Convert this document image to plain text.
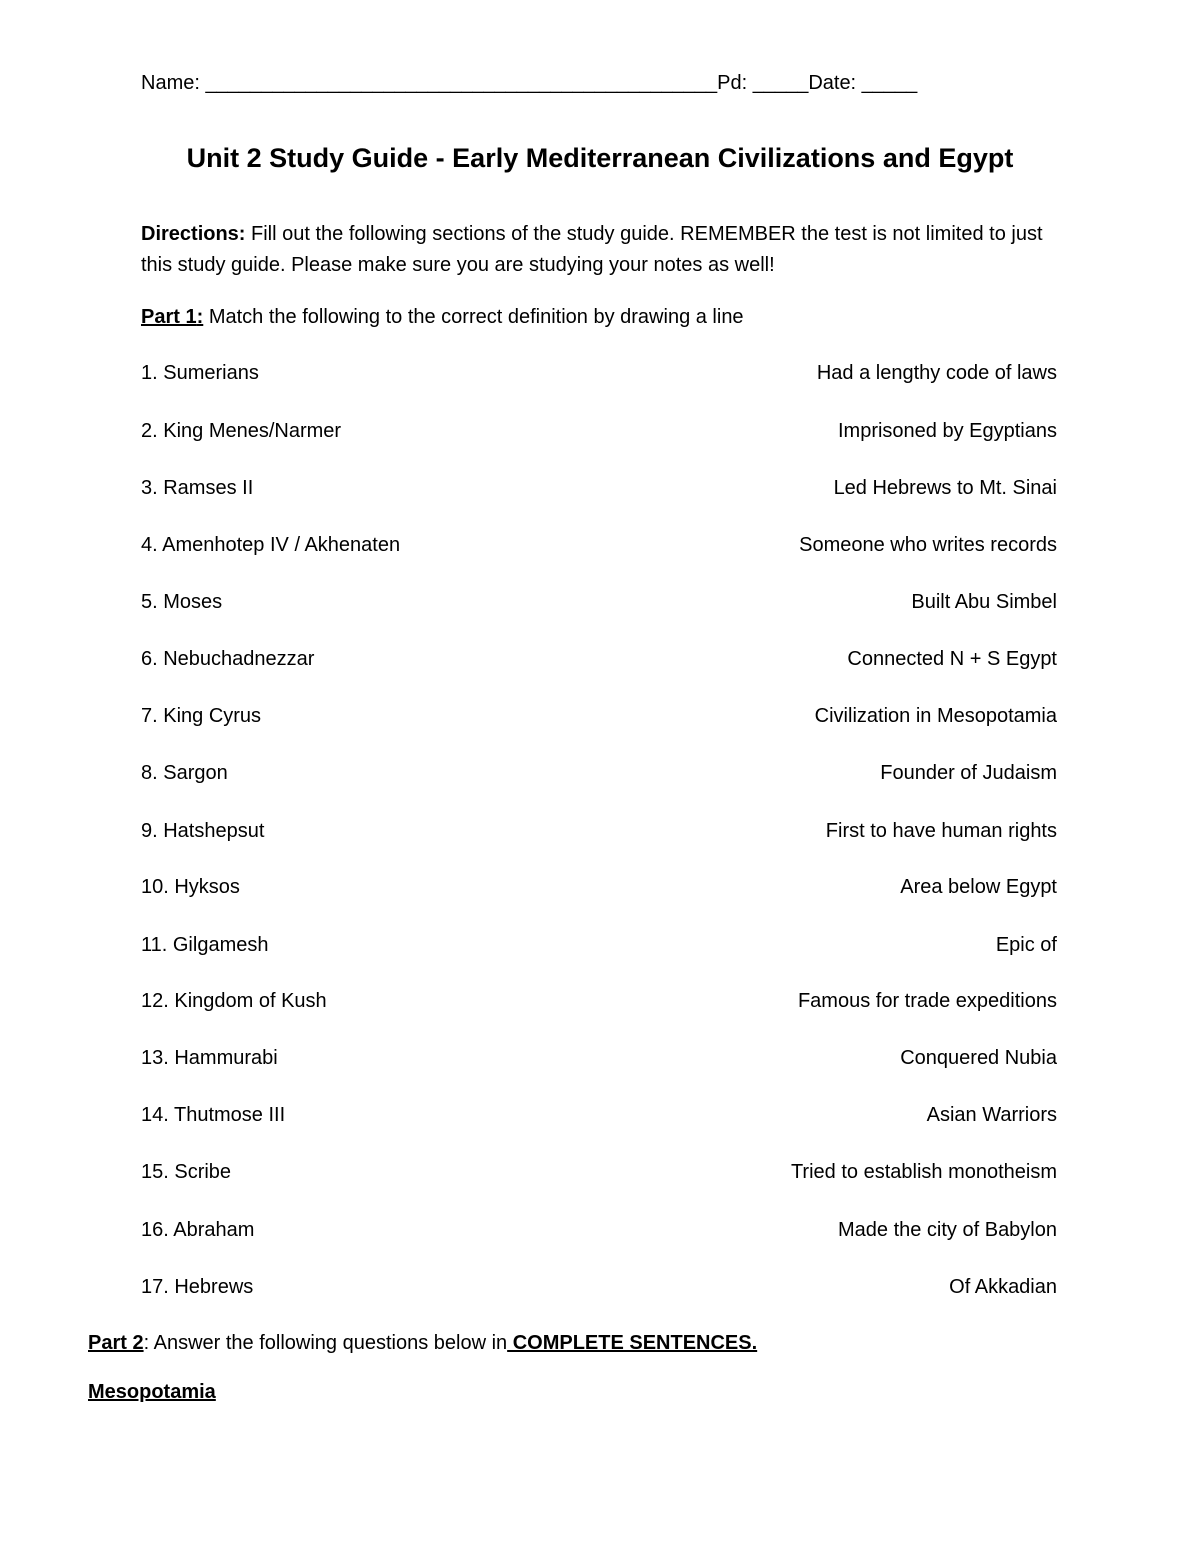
Name: ______________________________________________Pd: _____Date: _____
Unit 2 Study Guide - Early Mediterranean Civilizations and Egypt
Directions: Fill out the following sections of the study guide. REMEMBER the test is not limited to just this study guide. Please make sure you are studying your notes as well!
Part 1: Match the following to the correct definition by drawing a line
1. Sumerians	Had a lengthy code of laws
2. King Menes/Narmer	Imprisoned by Egyptians
3. Ramses II	Led Hebrews to Mt. Sinai
4. Amenhotep IV / Akhenaten	Someone who writes records
5. Moses	Built Abu Simbel
6. Nebuchadnezzar	Connected N + S Egypt
7. King Cyrus	Civilization in Mesopotamia
8. Sargon	Founder of Judaism
9. Hatshepsut	First to have human rights
10. Hyksos	Area below Egypt
11. Gilgamesh	Epic of
12. Kingdom of Kush	Famous for trade expeditions
13. Hammurabi	Conquered Nubia
14. Thutmose III	Asian Warriors
15. Scribe	Tried to establish monotheism
16. Abraham	Made the city of Babylon
17. Hebrews	Of Akkadian
Part 2: Answer the following questions below in COMPLETE SENTENCES.
Mesopotamia
